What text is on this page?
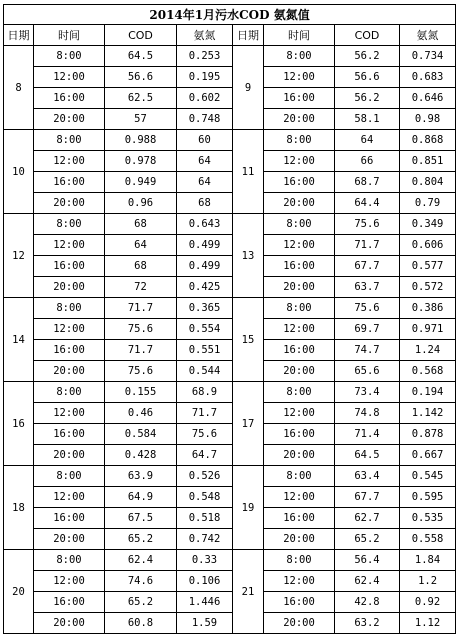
2014年1月污水COD 氨氮值							
日期	时间	COD	氨氮	日期	时间	COD	氨氮
8	8:00	64.5	0.253	9	8:00	56.2	0.734
	12:00	56.6	0.195		12:00	56.6	0.683
	16:00	62.5	0.602		16:00	56.2	0.646
	20:00	57	0.748		20:00	58.1	0.98
10	8:00	0.988	60	11	8:00	64	0.868
	12:00	0.978	64		12:00	66	0.851
	16:00	0.949	64		16:00	68.7	0.804
	20:00	0.96	68		20:00	64.4	0.79
12	8:00	68	0.643	13	8:00	75.6	0.349
	12:00	64	0.499		12:00	71.7	0.606
	16:00	68	0.499		16:00	67.7	0.577
	20:00	72	0.425		20:00	63.7	0.572
14	8:00	71.7	0.365	15	8:00	75.6	0.386
	12:00	75.6	0.554		12:00	69.7	0.971
	16:00	71.7	0.551		16:00	74.7	1.24
	20:00	75.6	0.544		20:00	65.6	0.568
16	8:00	0.155	68.9	17	8:00	73.4	0.194
	12:00	0.46	71.7		12:00	74.8	1.142
	16:00	0.584	75.6		16:00	71.4	0.878
	20:00	0.428	64.7		20:00	64.5	0.667
18	8:00	63.9	0.526	19	8:00	63.4	0.545
	12:00	64.9	0.548		12:00	67.7	0.595
	16:00	67.5	0.518		16:00	62.7	0.535
	20:00	65.2	0.742		20:00	65.2	0.558
20	8:00	62.4	0.33	21	8:00	56.4	1.84
	12:00	74.6	0.106		12:00	62.4	1.2
	16:00	65.2	1.446		16:00	42.8	0.92
	20:00	60.8	1.59		20:00	63.2	1.12
